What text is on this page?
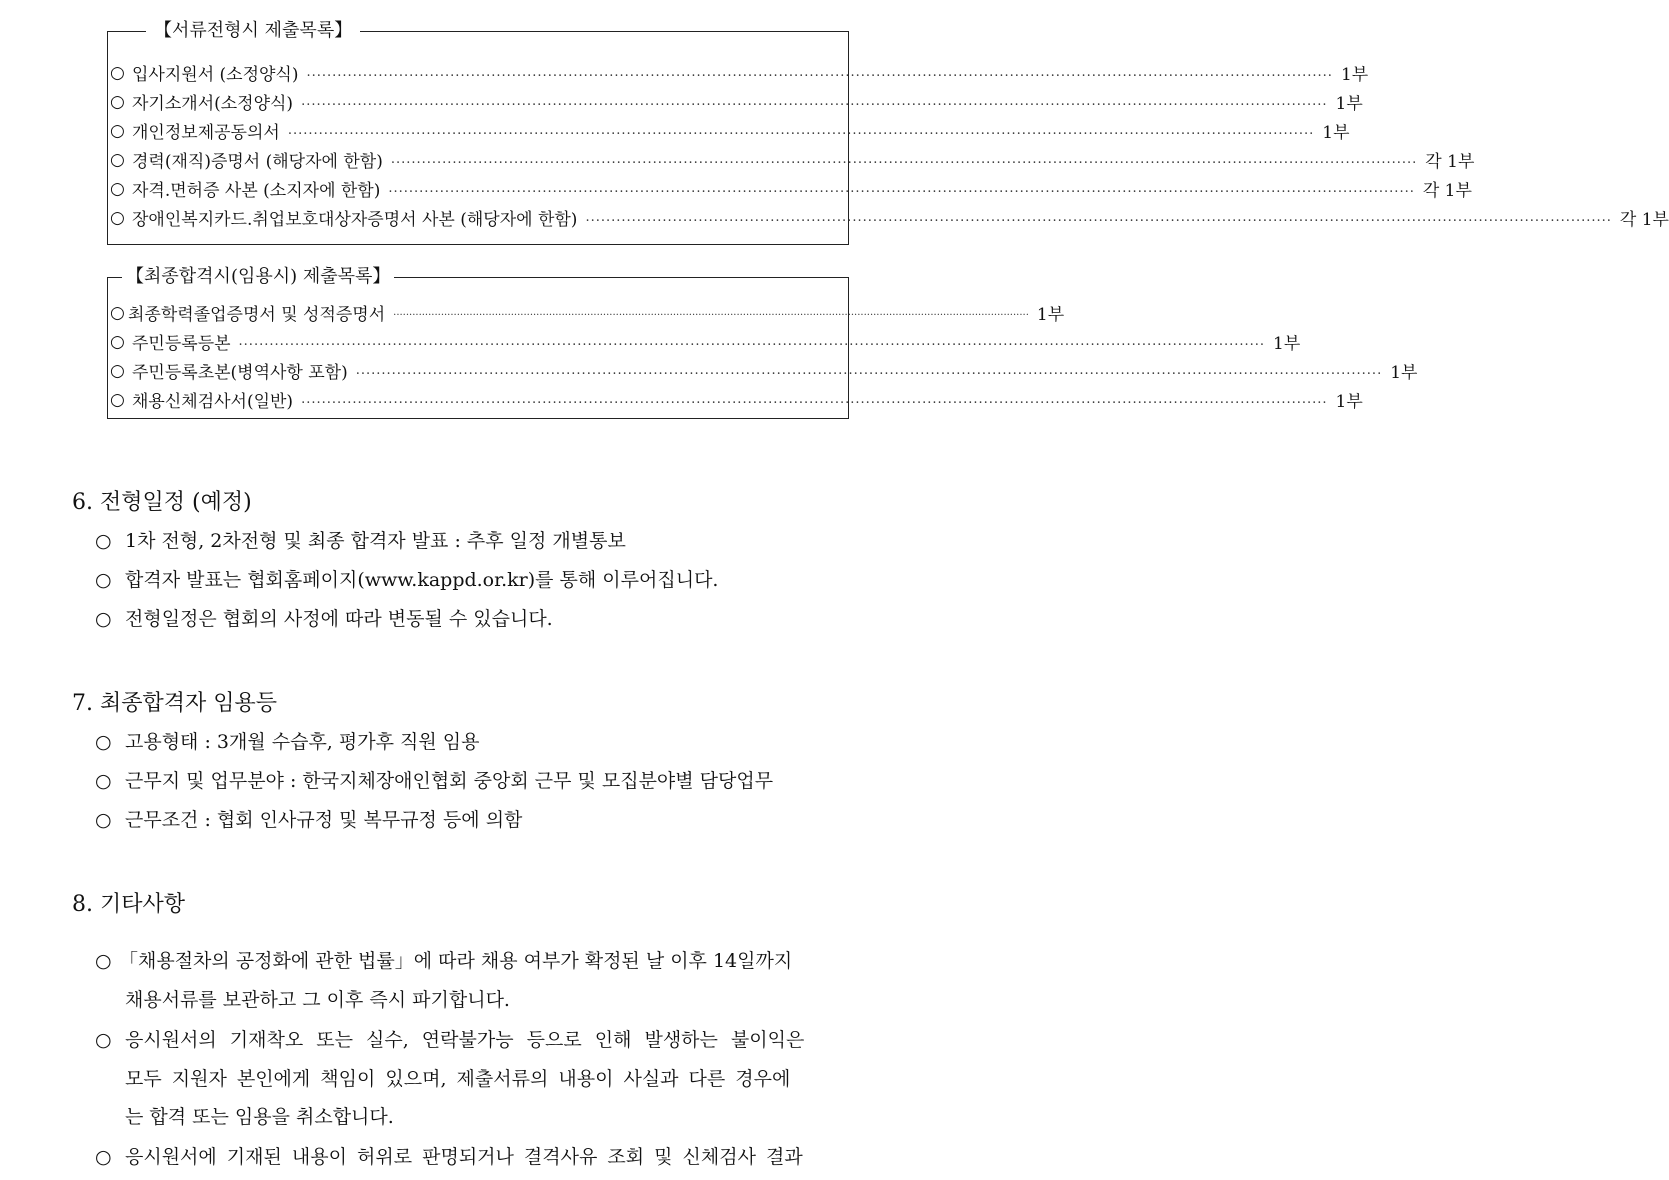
【서류전형시 제출목록】
○ 입사지원서 (소정양식) ........................................................................................................................................................................................................ 1부
○ 자기소개서(소정양식) ........................................................................................................................................................................................................ 1부
○ 개인정보제공동의서 ........................................................................................................................................................................................................ 1부
○ 경력(재직)증명서 (해당자에 한함) ........................................................................................................................................................................................................ 각 1부
○ 자격.면허증 사본 (소지자에 한함) ........................................................................................................................................................................................................ 각 1부
○ 장애인복지카드.취업보호대상자증명서 사본 (해당자에 한함) ........................................................................................................................................................................................................ 각 1부
【최종합격시(임용시) 제출목록】
○ 최종학력졸업증명서 및 성적증명서 ........................................................................................................................................................................................................ 1부
○ 주민등록등본 ........................................................................................................................................................................................................ 1부
○ 주민등록초본(병역사항 포함) ........................................................................................................................................................................................................ 1부
○ 채용신체검사서(일반) ........................................................................................................................................................................................................ 1부
6. 전형일정 (예정)
○ 1차 전형, 2차전형 및 최종 합격자 발표 : 추후 일정 개별통보
○ 합격자 발표는 협회홈페이지(www.kappd.or.kr)를 통해 이루어집니다.
○ 전형일정은 협회의 사정에 따라 변동될 수 있습니다.
7. 최종합격자 임용등
○ 고용형태 : 3개월 수습후, 평가후 직원 임용
○ 근무지 및 업무분야 : 한국지체장애인협회 중앙회 근무 및 모집분야별 담당업무
○ 근무조건 : 협회 인사규정 및 복무규정 등에 의함
8. 기타사항
○ 「채용절차의 공정화에 관한 법률」에 따라 채용 여부가 확정된 날 이후 14일까지
채용서류를 보관하고 그 이후 즉시 파기합니다.
○ 응시원서의 기재착오 또는 실수, 연락불가능 등으로 인해 발생하는 불이익은
모두 지원자 본인에게 책임이 있으며, 제출서류의 내용이 사실과 다른 경우에
는 합격 또는 임용을 취소합니다.
○ 응시원서에 기재된 내용이 허위로 판명되거나 결격사유 조회 및 신체검사 결과
